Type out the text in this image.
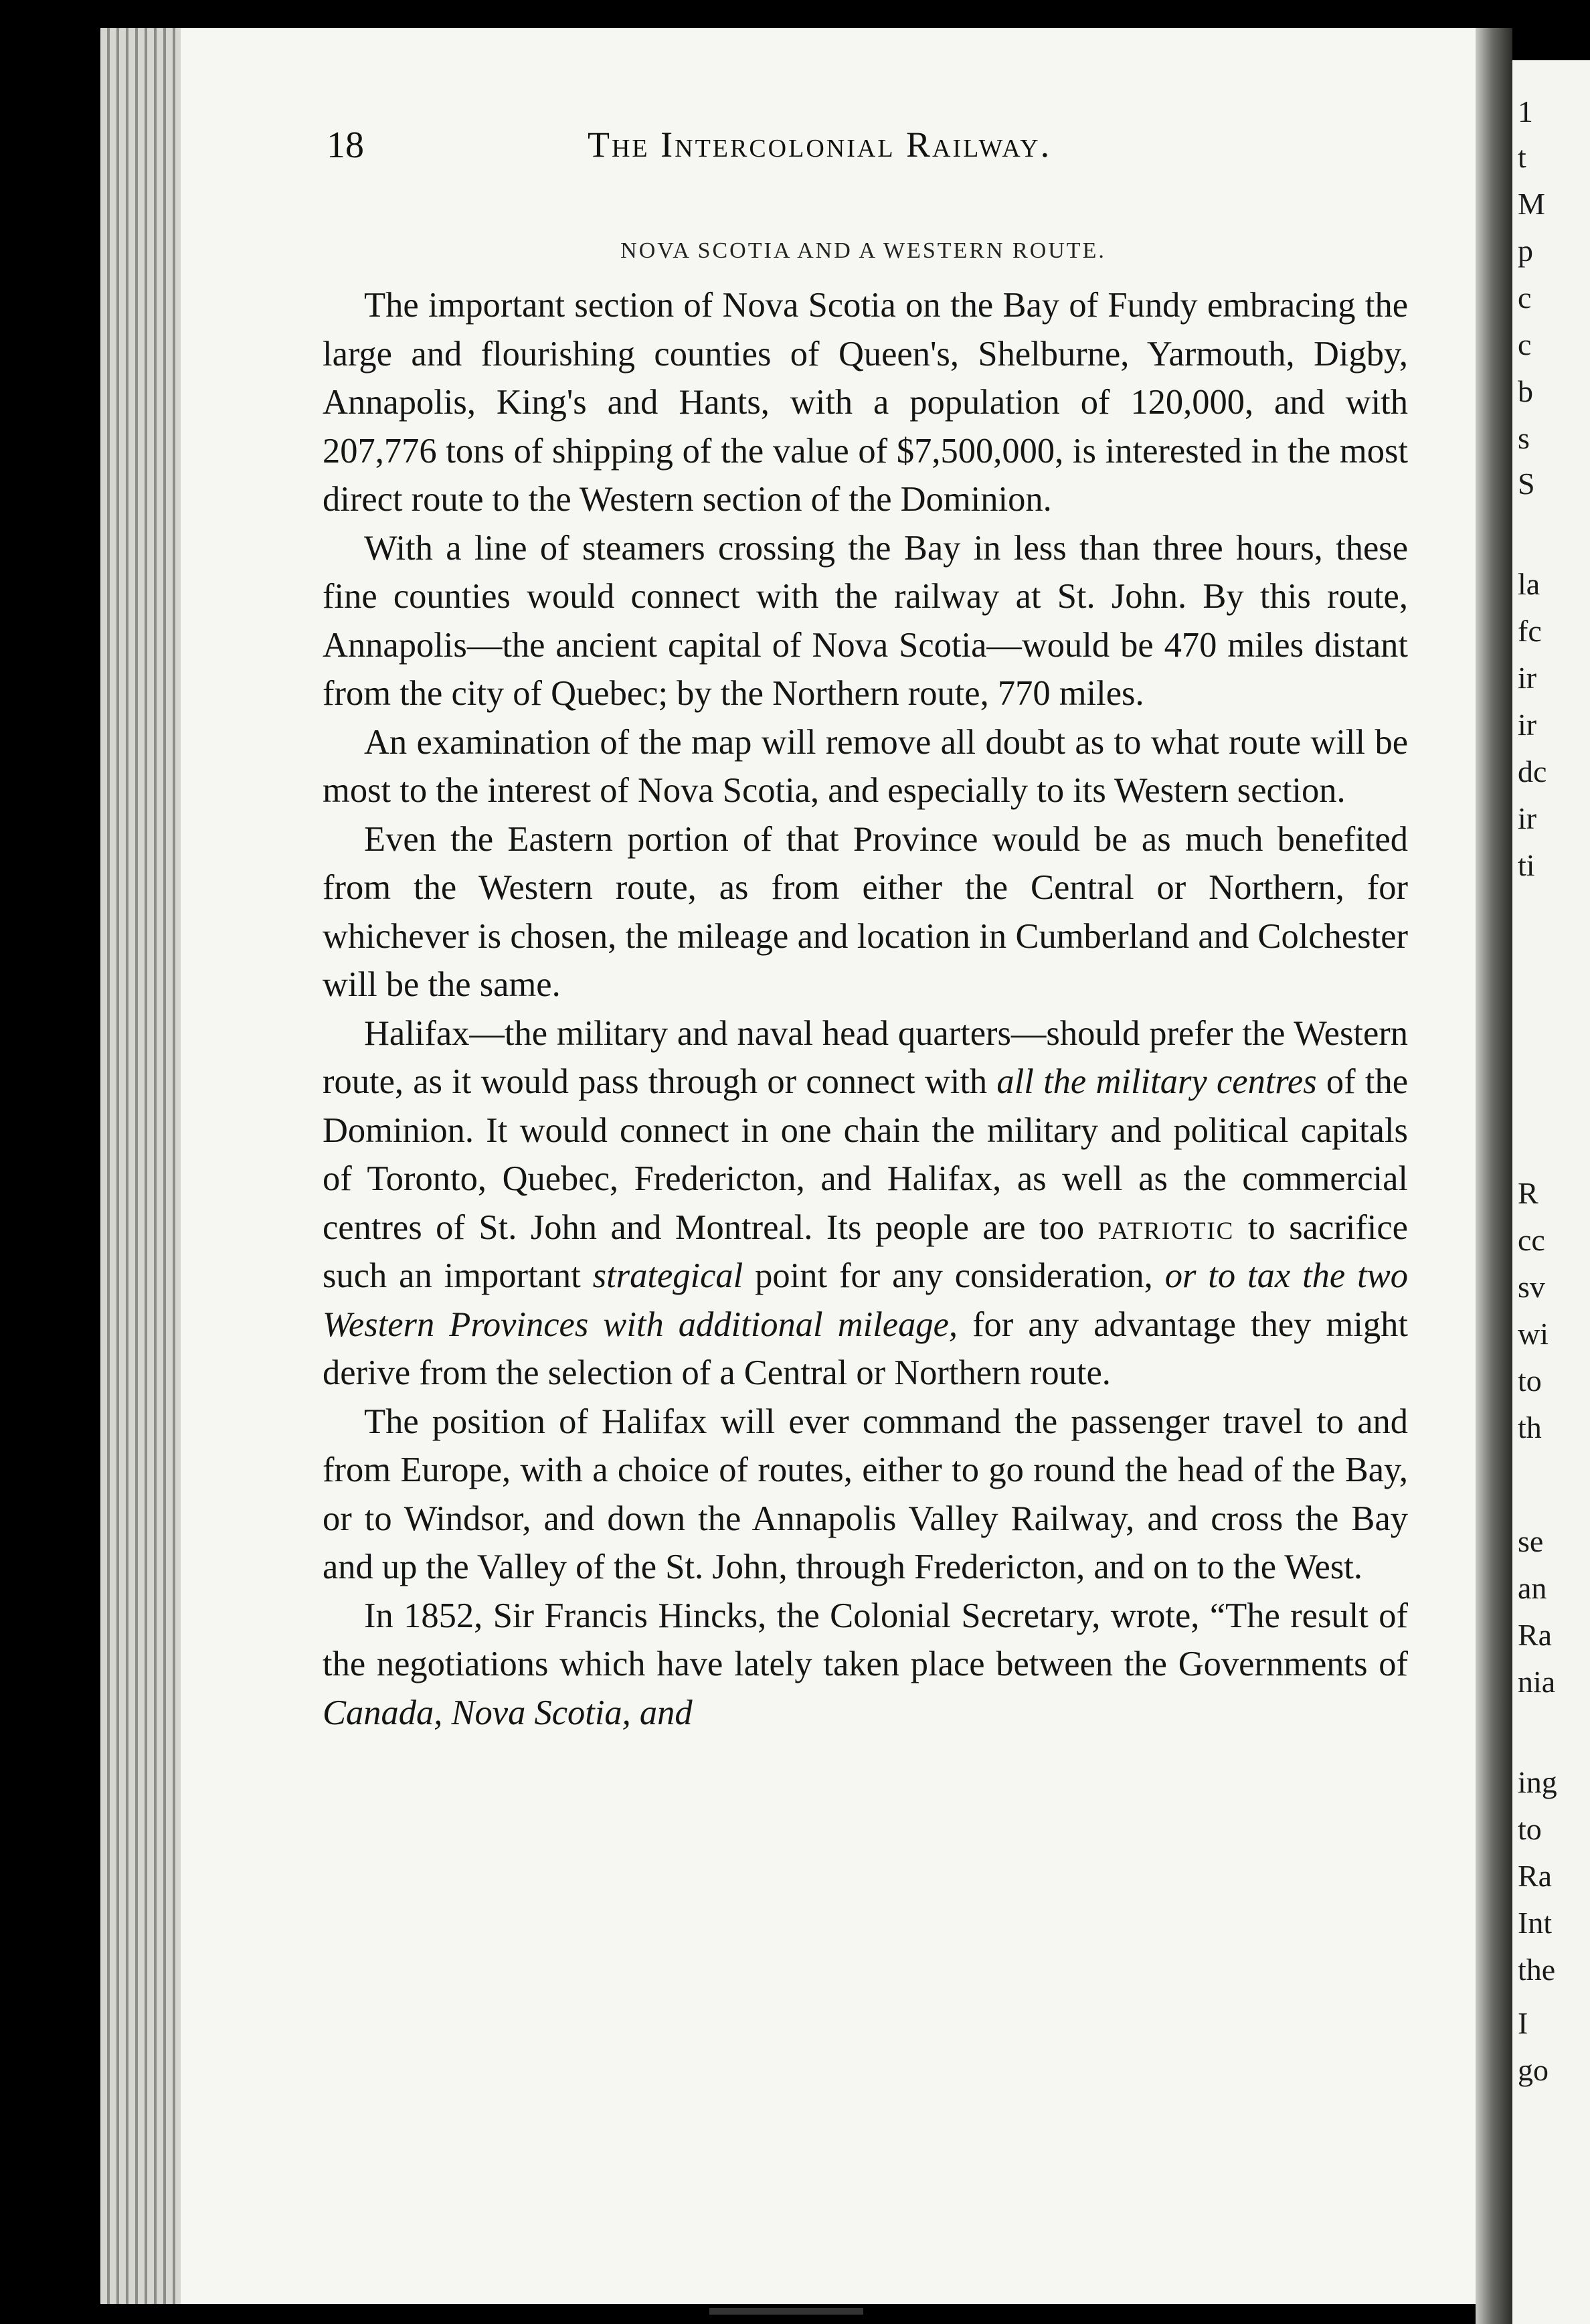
1
t
M
p
c
c
b
s
S
la
fc
ir
ir
dc
ir
ti
R
cc
sv
wi
to
th
se
an
Ra
nia
ing
to
Ra
Int
the
I
go
18	The Intercolonial Railway.
NOVA SCOTIA AND A WESTERN ROUTE.

The important section of Nova Scotia on the Bay of Fundy embracing the large and flourishing counties of Queen's, Shelburne, Yarmouth, Digby, Annapolis, King's and Hants, with a population of 120,000, and with 207,776 tons of shipping of the value of $7,500,000, is interested in the most direct route to the Western section of the Dominion.

With a line of steamers crossing the Bay in less than three hours, these fine counties would connect with the railway at St. John. By this route, Annapolis—the ancient capital of Nova Scotia—would be 470 miles distant from the city of Quebec; by the Northern route, 770 miles.

An examination of the map will remove all doubt as to what route will be most to the interest of Nova Scotia, and especially to its Western section.

Even the Eastern portion of that Province would be as much benefited from the Western route, as from either the Central or Northern, for whichever is chosen, the mileage and location in Cumberland and Colchester will be the same.

Halifax—the military and naval head quarters—should prefer the Western route, as it would pass through or connect with all the military centres of the Dominion. It would connect in one chain the military and political capitals of Toronto, Quebec, Fredericton, and Halifax, as well as the commercial centres of St. John and Montreal. Its people are too patriotic to sacrifice such an important strategical point for any consideration, or to tax the two Western Provinces with additional mileage, for any advantage they might derive from the selection of a Central or Northern route.

The position of Halifax will ever command the passenger travel to and from Europe, with a choice of routes, either to go round the head of the Bay, or to Windsor, and down the Annapolis Valley Railway, and cross the Bay and up the Valley of the St. John, through Fredericton, and on to the West.

In 1852, Sir Francis Hincks, the Colonial Secretary, wrote, “The result of the negotiations which have lately taken place between the Governments of Canada, Nova Scotia, and
